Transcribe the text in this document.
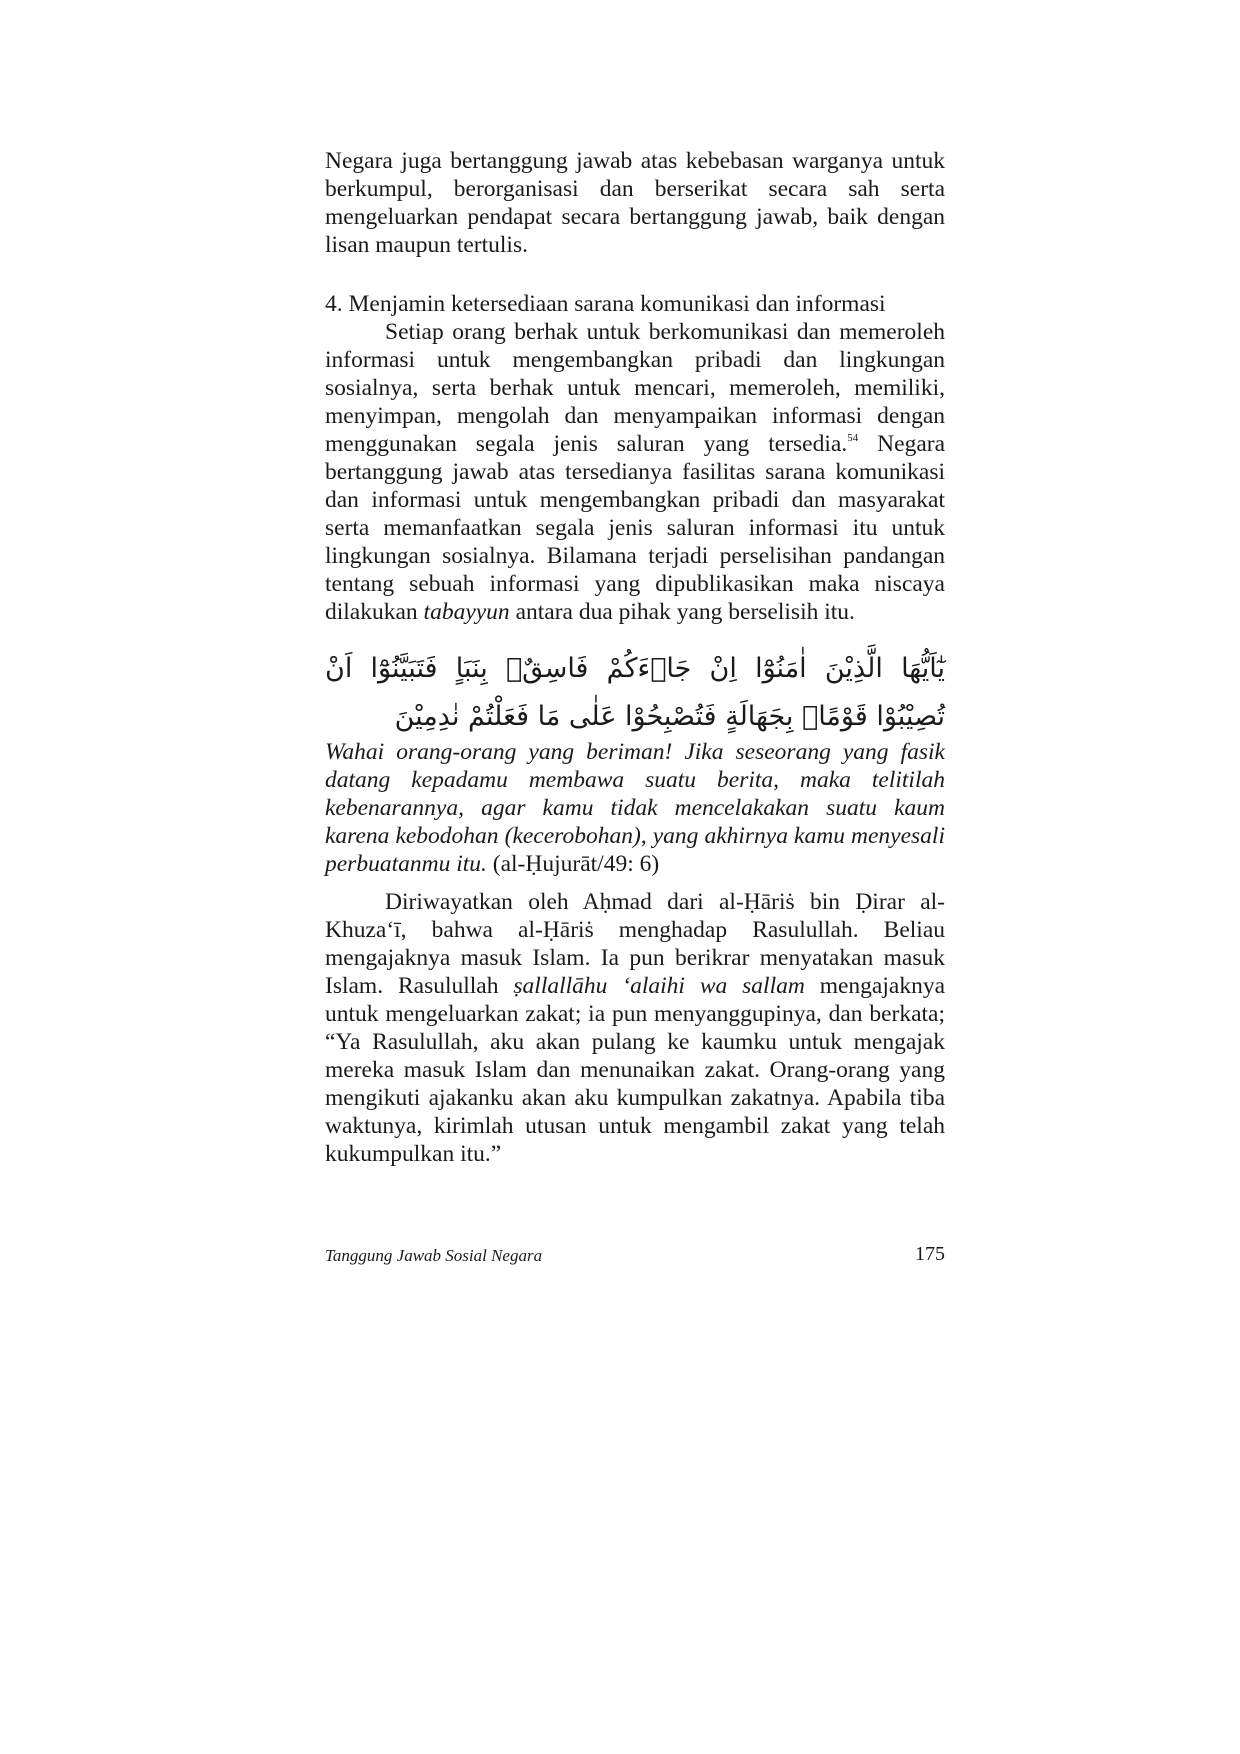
Negara juga bertanggung jawab atas kebebasan warganya untuk berkumpul, berorganisasi dan berserikat secara sah serta mengeluarkan pendapat secara bertanggung jawab, baik dengan lisan maupun tertulis.

4. Menjamin ketersediaan sarana komunikasi dan informasi

Setiap orang berhak untuk berkomunikasi dan memeroleh informasi untuk mengembangkan pribadi dan lingkungan sosialnya, serta berhak untuk mencari, memeroleh, memiliki, menyimpan, mengolah dan menyampaikan informasi dengan menggunakan segala jenis saluran yang tersedia.$^{54}$ Negara bertanggung jawab atas tersedianya fasilitas sarana komunikasi dan informasi untuk mengembangkan pribadi dan masyarakat serta memanfaatkan segala jenis saluran informasi itu untuk lingkungan sosialnya. Bilamana terjadi perselisihan pandangan tentang sebuah informasi yang dipublikasikan maka niscaya dilakukan tabayyun antara dua pihak yang berselisih itu.

يٰٓاَيُّهَا الَّذِيْنَ اٰمَنُوْٓا اِنْ جَاۤءَكُمْ فَاسِقٌۢ بِنَبَاٍ فَتَبَيَّنُوْٓا اَنْ تُصِيْبُوْا قَوْمًاۢ بِجَهَالَةٍ فَتُصْبِحُوْا عَلٰى مَا فَعَلْتُمْ نٰدِمِيْنَ

Wahai orang-orang yang beriman! Jika seseorang yang fasik datang kepadamu membawa suatu berita, maka telitilah kebenarannya, agar kamu tidak mencelakakan suatu kaum karena kebodohan (kecerobohan), yang akhirnya kamu menyesali perbuatanmu itu. (al-Ḥujurāt/49: 6)

Diriwayatkan oleh Aḥmad dari al-Ḥāriṡ bin Ḍirar al-Khuzaʻī, bahwa al-Ḥāriṡ menghadap Rasulullah. Beliau mengajaknya masuk Islam. Ia pun berikrar menyatakan masuk Islam. Rasulullah ṣallallāhu ‘alaihi wa sallam mengajaknya untuk mengeluarkan zakat; ia pun menyanggupinya, dan berkata; “Ya Rasulullah, aku akan pulang ke kaumku untuk mengajak mereka masuk Islam dan menunaikan zakat. Orang-orang yang mengikuti ajakanku akan aku kumpulkan zakatnya. Apabila tiba waktunya, kirimlah utusan untuk mengambil zakat yang telah kukumpulkan itu.”

Tanggung Jawab Sosial Negara	175
